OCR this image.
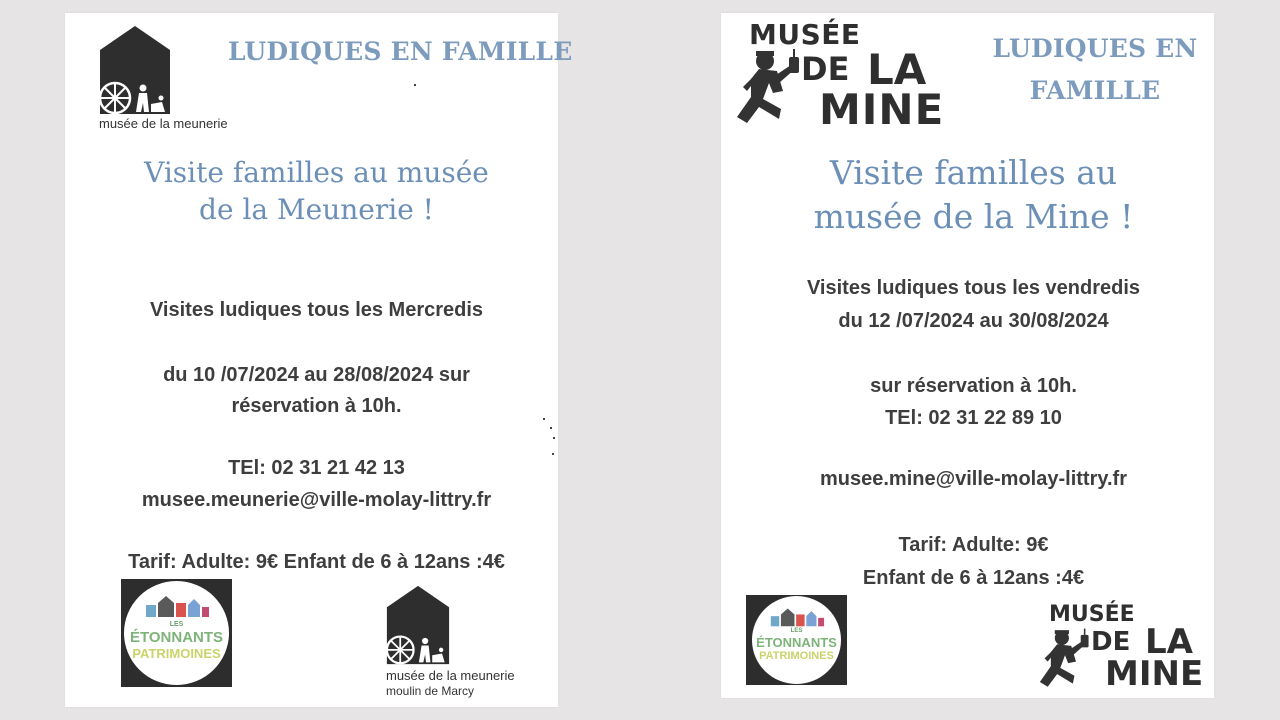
musée de la meunerie
LUDIQUES EN FAMILLE
Visite familles au musée
de la Meunerie !
Visites ludiques tous les Mercredis
du 10 /07/2024 au 28/08/2024 sur
réservation à 10h.
TEl: 02 31 21 42 13
musee.meunerie@ville-molay-littry.fr
Tarif: Adulte: 9€ Enfant de 6 à 12ans :4€
LES
ÉTONNANTS
PATRIMOINES
musée de la meunerie
moulin de Marcy
MUSÉE
DE LA
MINE
LUDIQUES EN
FAMILLE
Visite familles au
musée de la Mine !
Visites ludiques tous les vendredis
du 12 /07/2024 au 30/08/2024
sur réservation à 10h.
TEl: 02 31 22 89 10
musee.mine@ville-molay-littry.fr
Tarif: Adulte: 9€
Enfant de 6 à 12ans :4€
LES
ÉTONNANTS
PATRIMOINES
MUSÉE
DE LA
MINE
